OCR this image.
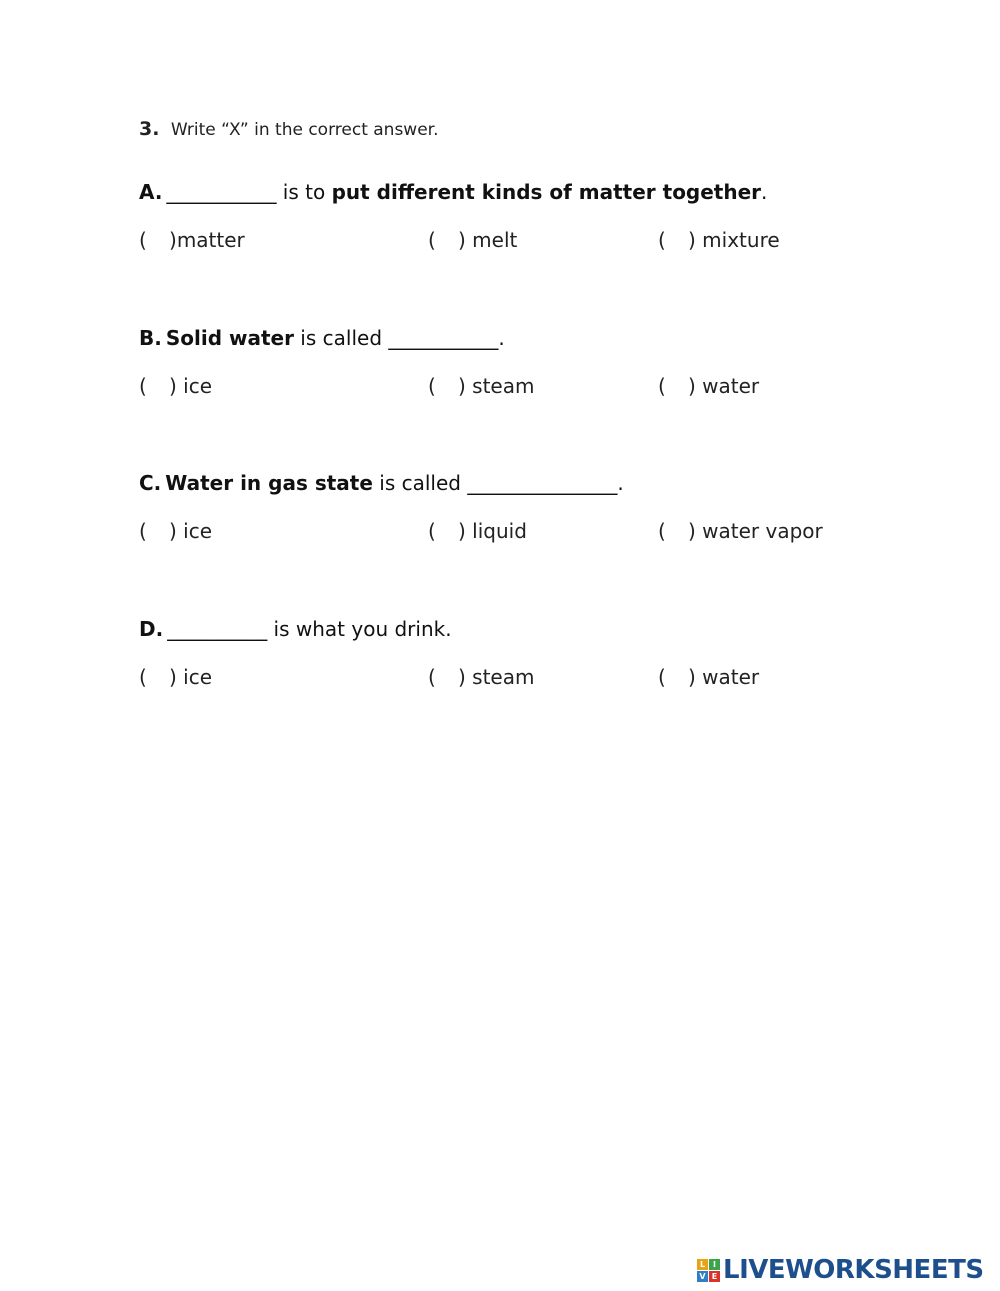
3. Write “X” in the correct answer.
A. ___________ is to put different kinds of matter together.
( )matter	( ) melt	( ) mixture
B. Solid water is called ___________.
( ) ice	( ) steam	( ) water
C. Water in gas state is called _______________.
( ) ice	( ) liquid	( ) water vapor
D. __________ is what you drink.
( ) ice	( ) steam	( ) water
L I
V E LIVEWORKSHEETS
